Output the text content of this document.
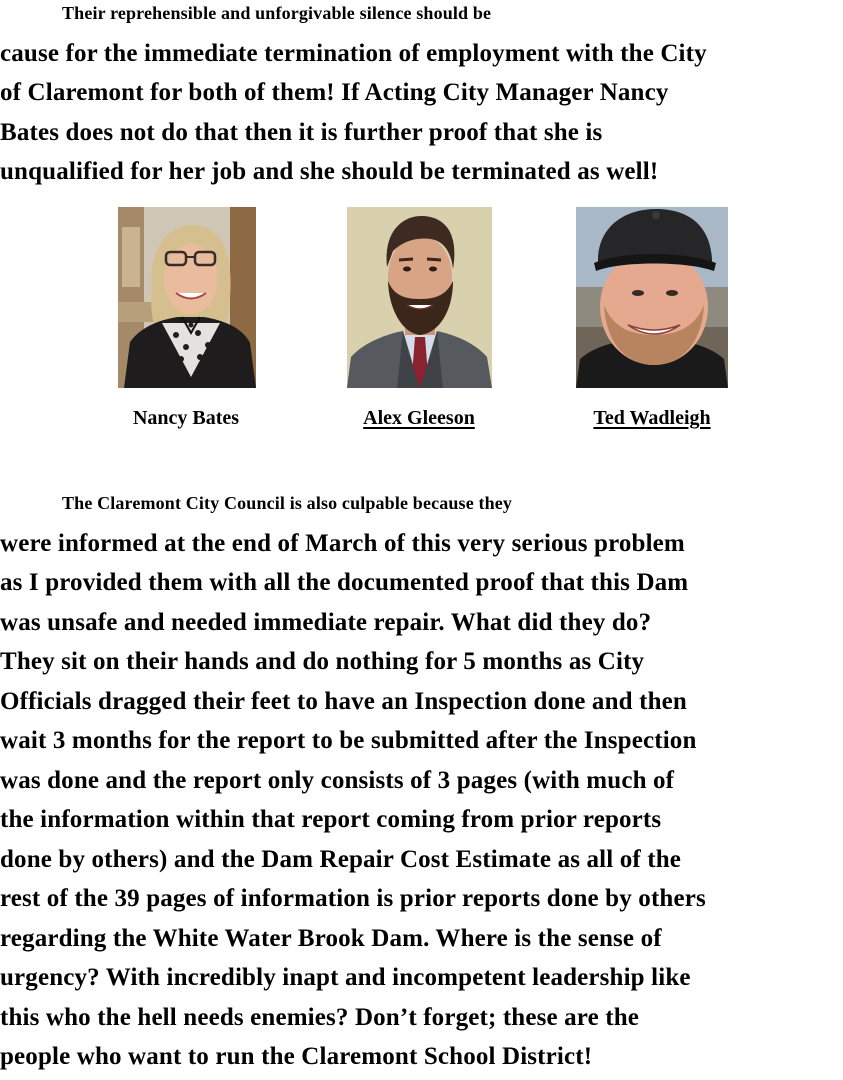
Their reprehensible and unforgivable silence should be
cause for the immediate termination of employment with the City
of Claremont for both of them! If Acting City Manager Nancy
Bates does not do that then it is further proof that she is
unqualified for her job and she should be terminated as well!

Nancy Bates	Alex Gleeson	Ted Wadleigh

The Claremont City Council is also culpable because they
were informed at the end of March of this very serious problem
as I provided them with all the documented proof that this Dam
was unsafe and needed immediate repair. What did they do?
They sit on their hands and do nothing for 5 months as City
Officials dragged their feet to have an Inspection done and then
wait 3 months for the report to be submitted after the Inspection
was done and the report only consists of 3 pages (with much of
the information within that report coming from prior reports
done by others) and the Dam Repair Cost Estimate as all of the
rest of the 39 pages of information is prior reports done by others
regarding the White Water Brook Dam. Where is the sense of
urgency? With incredibly inapt and incompetent leadership like
this who the hell needs enemies? Don’t forget; these are the
people who want to run the Claremont School District!
